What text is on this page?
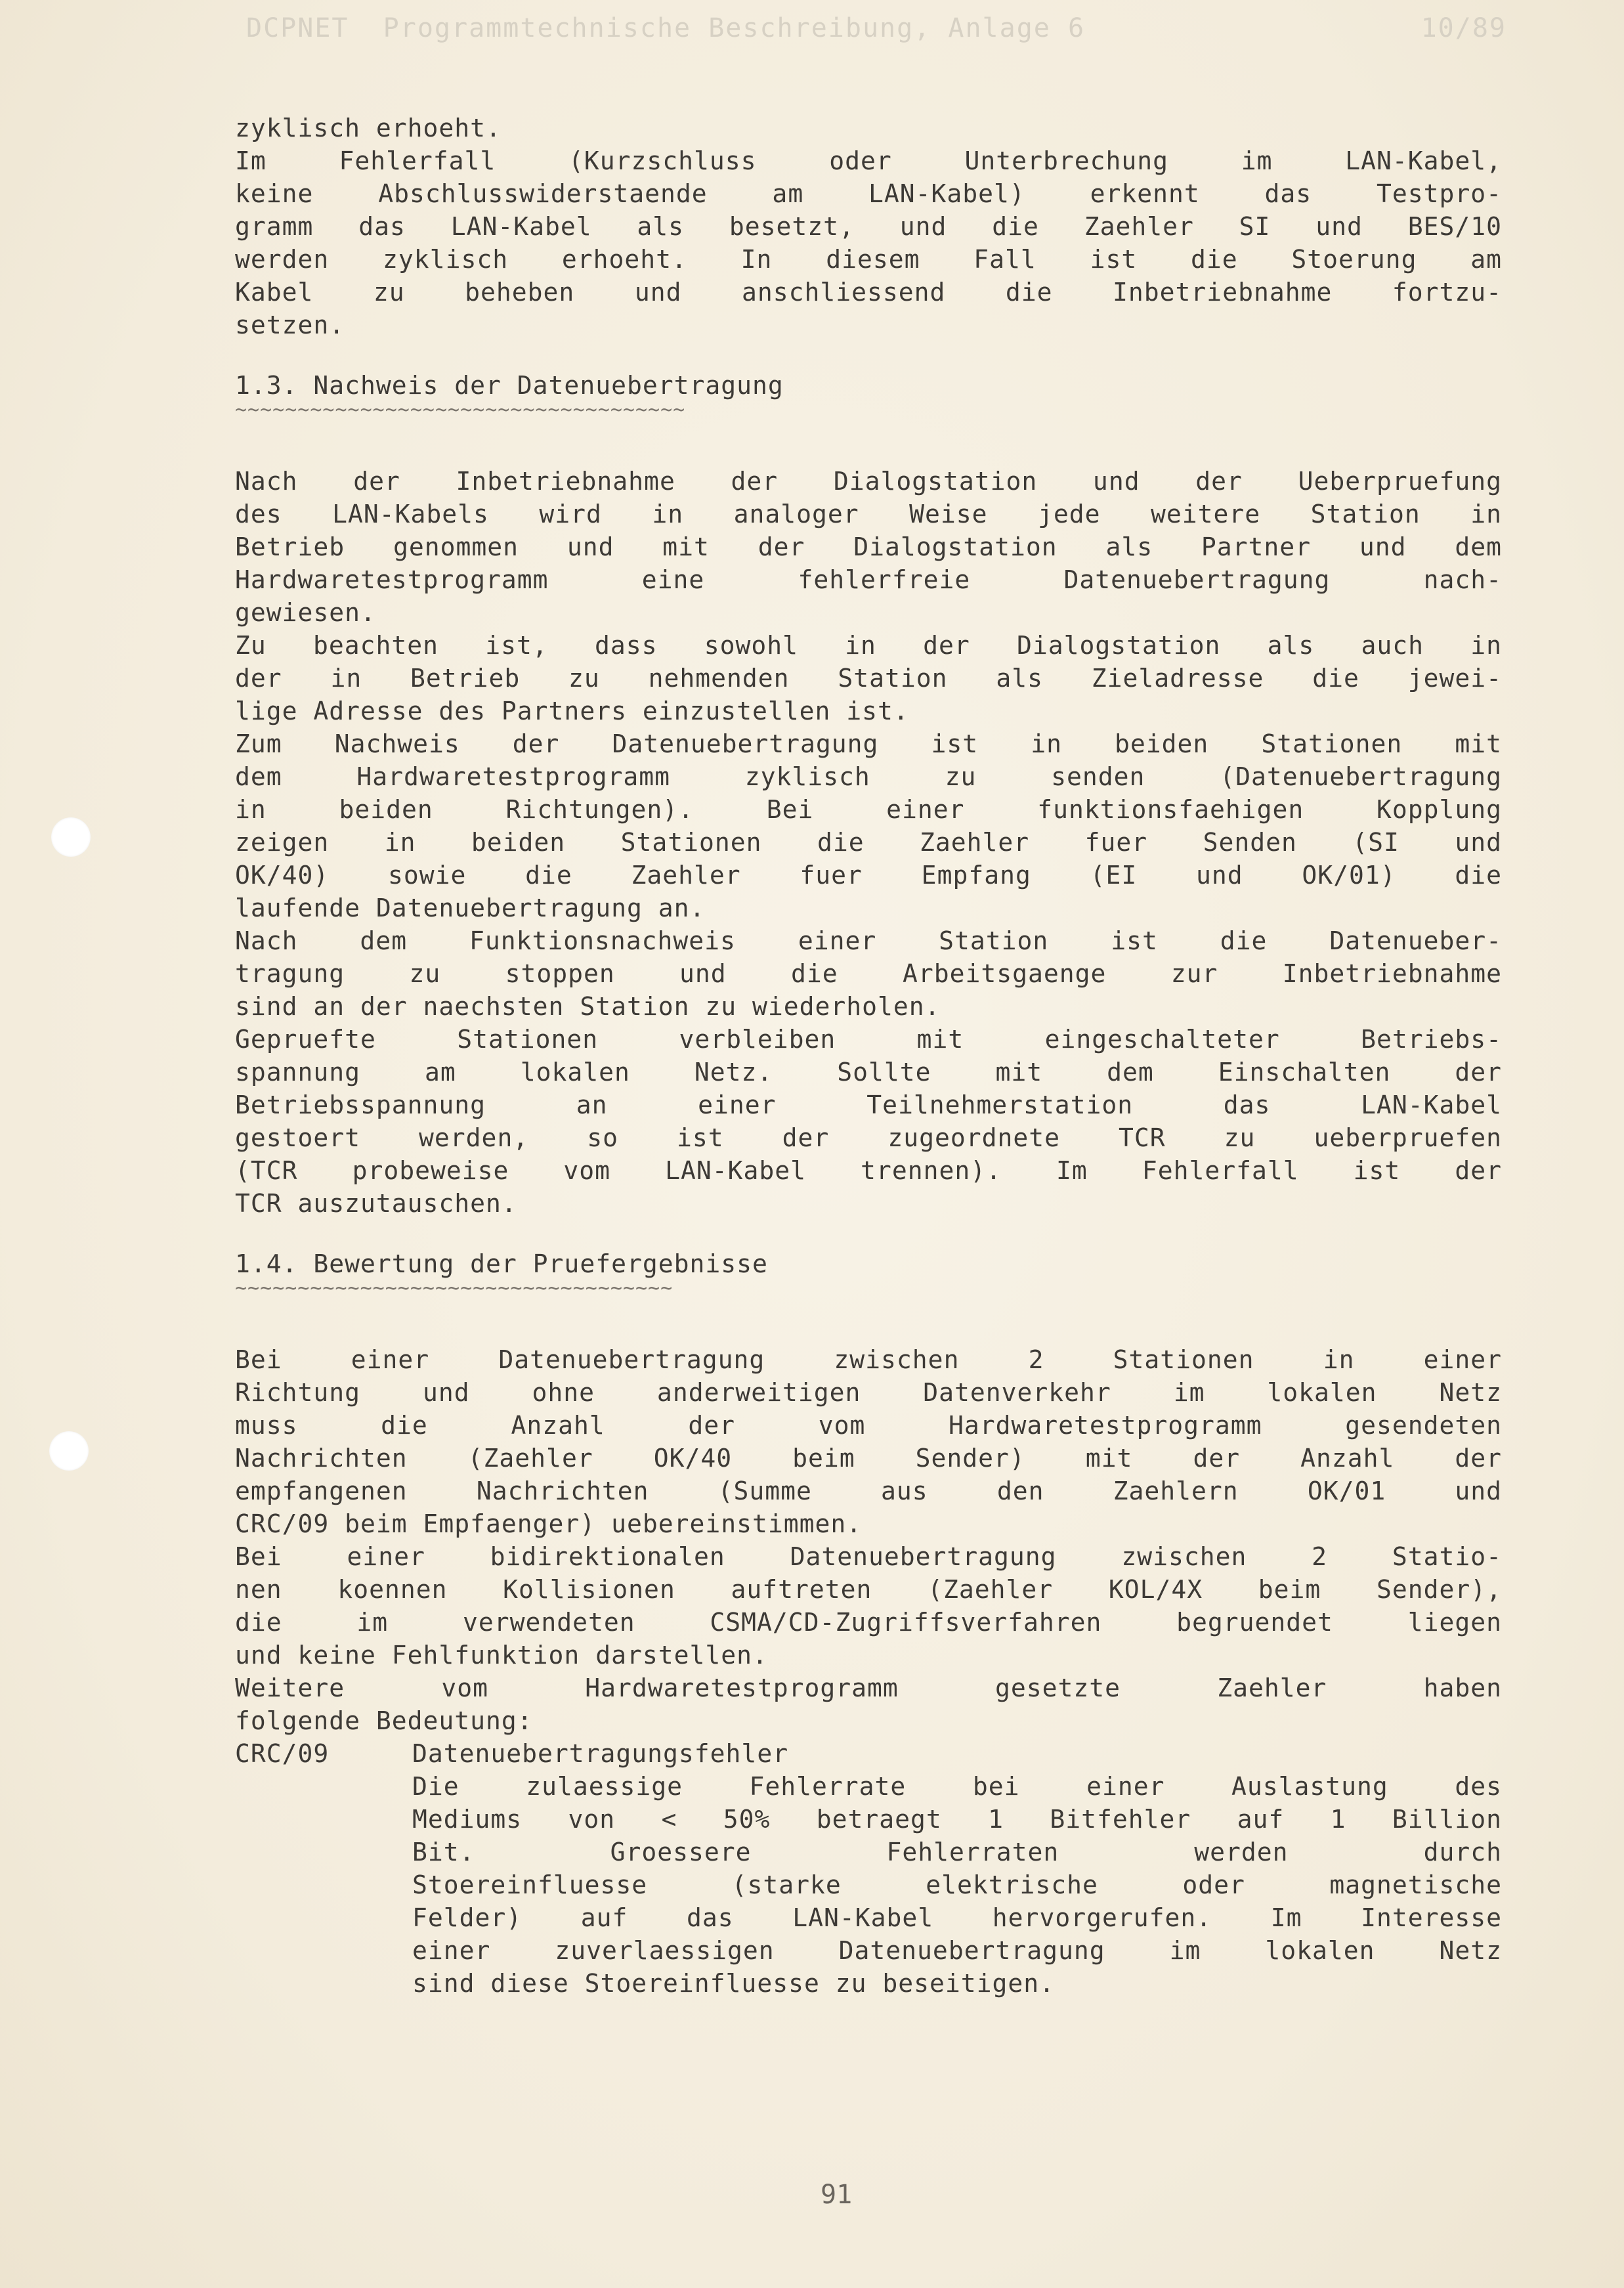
DCPNET  Programmtechnische Beschreibung, Anlage 6	10/89
zyklisch erhoeht.
Im Fehlerfall (Kurzschluss oder Unterbrechung im LAN-Kabel,
keine Abschlusswiderstaende am LAN-Kabel) erkennt das Testpro-
gramm das LAN-Kabel als besetzt, und die Zaehler SI und BES/10
werden zyklisch erhoeht. In diesem Fall ist die Stoerung am
Kabel zu beheben und anschliessend die Inbetriebnahme fortzu-
setzen.
1.3. Nachweis der Datenuebertragung
~~~~~~~~~~~~~~~~~~~~~~~~~~~~~~~~~~~~
Nach der Inbetriebnahme der Dialogstation und der Ueberpruefung
des LAN-Kabels wird in analoger Weise jede weitere Station in
Betrieb genommen und mit der Dialogstation als Partner und dem
Hardwaretestprogramm eine fehlerfreie Datenuebertragung nach-
gewiesen.
Zu beachten ist, dass sowohl in der Dialogstation als auch in
der in Betrieb zu nehmenden Station als Zieladresse die jewei-
lige Adresse des Partners einzustellen ist.
Zum Nachweis der Datenuebertragung ist in beiden Stationen mit
dem Hardwaretestprogramm zyklisch zu senden (Datenuebertragung
in beiden Richtungen). Bei einer funktionsfaehigen Kopplung
zeigen in beiden Stationen die Zaehler fuer Senden (SI und
OK/40) sowie die Zaehler fuer Empfang (EI und OK/01) die
laufende Datenuebertragung an.
Nach dem Funktionsnachweis einer Station ist die Datenueber-
tragung zu stoppen und die Arbeitsgaenge zur Inbetriebnahme
sind an der naechsten Station zu wiederholen.
Gepruefte Stationen verbleiben mit eingeschalteter Betriebs-
spannung am lokalen Netz. Sollte mit dem Einschalten der
Betriebsspannung an einer Teilnehmerstation das LAN-Kabel
gestoert werden, so ist der zugeordnete TCR zu ueberpruefen
(TCR probeweise vom LAN-Kabel trennen). Im Fehlerfall ist der
TCR auszutauschen.
1.4. Bewertung der Pruefergebnisse
~~~~~~~~~~~~~~~~~~~~~~~~~~~~~~~~~~~
Bei einer Datenuebertragung zwischen 2 Stationen in einer
Richtung und ohne anderweitigen Datenverkehr im lokalen Netz
muss die Anzahl der vom Hardwaretestprogramm gesendeten
Nachrichten (Zaehler OK/40 beim Sender) mit der Anzahl der
empfangenen Nachrichten (Summe aus den Zaehlern OK/01 und
CRC/09 beim Empfaenger) uebereinstimmen.
Bei einer bidirektionalen Datenuebertragung zwischen 2 Statio-
nen koennen Kollisionen auftreten (Zaehler KOL/4X beim Sender),
die im verwendeten CSMA/CD-Zugriffsverfahren begruendet liegen
und keine Fehlfunktion darstellen.
Weitere vom Hardwaretestprogramm gesetzte Zaehler haben
folgende Bedeutung:
CRC/09	Datenuebertragungsfehler
Die zulaessige Fehlerrate bei einer Auslastung des
Mediums von < 50% betraegt 1 Bitfehler auf 1 Billion
Bit. Groessere Fehlerraten werden durch
Stoereinfluesse (starke elektrische oder magnetische
Felder) auf das LAN-Kabel hervorgerufen. Im Interesse
einer zuverlaessigen Datenuebertragung im lokalen Netz
sind diese Stoereinfluesse zu beseitigen.
91
